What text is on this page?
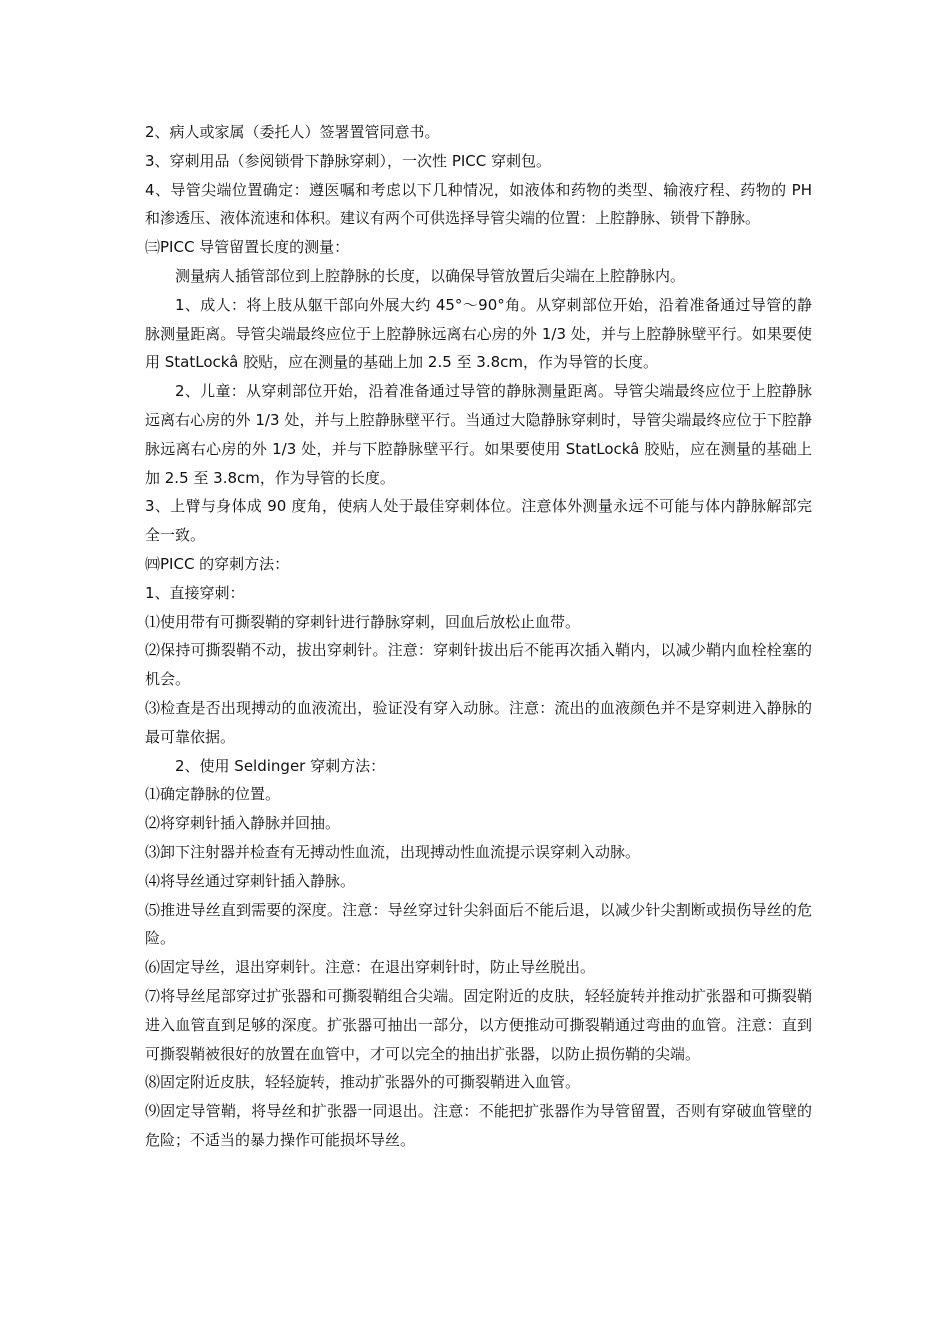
2、病人或家属（委托人）签署置管同意书。

3、穿刺用品（参阅锁骨下静脉穿刺），一次性 PICC 穿刺包。

4、导管尖端位置确定：遵医嘱和考虑以下几种情况，如液体和药物的类型、输液疗程、药物的 PH 和渗透压、液体流速和体积。建议有两个可供选择导管尖端的位置：上腔静脉、锁骨下静脉。

㈢PICC 导管留置长度的测量：

测量病人插管部位到上腔静脉的长度，以确保导管放置后尖端在上腔静脉内。

1、成人：将上肢从躯干部向外展大约 45°～90°角。从穿刺部位开始，沿着准备通过导管的静脉测量距离。导管尖端最终应位于上腔静脉远离右心房的外 1/3 处，并与上腔静脉壁平行。如果要使用 StatLockâ 胶贴，应在测量的基础上加 2.5 至 3.8cm，作为导管的长度。

2、儿童：从穿刺部位开始，沿着准备通过导管的静脉测量距离。导管尖端最终应位于上腔静脉远离右心房的外 1/3 处，并与上腔静脉壁平行。当通过大隐静脉穿刺时，导管尖端最终应位于下腔静脉远离右心房的外 1/3 处，并与下腔静脉壁平行。如果要使用 StatLockâ 胶贴，应在测量的基础上加 2.5 至 3.8cm，作为导管的长度。

3、上臂与身体成 90 度角，使病人处于最佳穿刺体位。注意体外测量永远不可能与体内静脉解部完全一致。

㈣PICC 的穿刺方法：

1、直接穿刺：

⑴使用带有可撕裂鞘的穿刺针进行静脉穿刺，回血后放松止血带。

⑵保持可撕裂鞘不动，拔出穿刺针。注意：穿刺针拔出后不能再次插入鞘内，以减少鞘内血栓栓塞的机会。

⑶检查是否出现搏动的血液流出，验证没有穿入动脉。注意：流出的血液颜色并不是穿刺进入静脉的最可靠依据。

2、使用 Seldinger 穿刺方法：

⑴确定静脉的位置。

⑵将穿刺针插入静脉并回抽。

⑶卸下注射器并检查有无搏动性血流，出现搏动性血流提示误穿刺入动脉。

⑷将导丝通过穿刺针插入静脉。

⑸推进导丝直到需要的深度。注意：导丝穿过针尖斜面后不能后退，以减少针尖割断或损伤导丝的危险。

⑹固定导丝，退出穿刺针。注意：在退出穿刺针时，防止导丝脱出。

⑺将导丝尾部穿过扩张器和可撕裂鞘组合尖端。固定附近的皮肤，轻轻旋转并推动扩张器和可撕裂鞘进入血管直到足够的深度。扩张器可抽出一部分，以方便推动可撕裂鞘通过弯曲的血管。注意：直到可撕裂鞘被很好的放置在血管中，才可以完全的抽出扩张器，以防止损伤鞘的尖端。

⑻固定附近皮肤，轻轻旋转，推动扩张器外的可撕裂鞘进入血管。

⑼固定导管鞘，将导丝和扩张器一同退出。注意：不能把扩张器作为导管留置，否则有穿破血管壁的危险；不适当的暴力操作可能损坏导丝。
